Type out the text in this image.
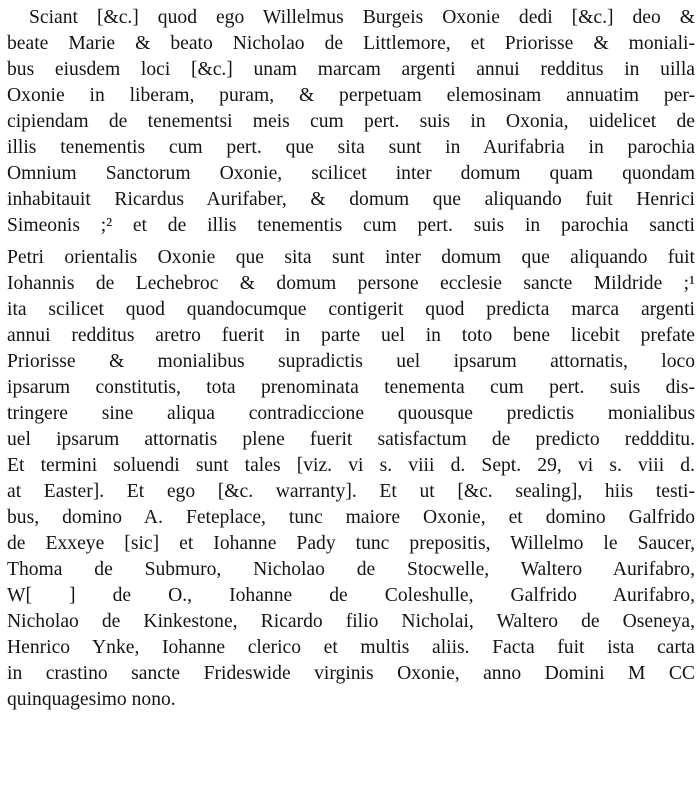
Sciant [&c.] quod ego Willelmus Burgeis Oxonie dedi [&c.] deo &
beate Marie & beato Nicholao de Littlemore, et Priorisse & moniali-
bus eiusdem loci [&c.] unam marcam argenti annui redditus in uilla
Oxonie in liberam, puram, & perpetuam elemosinam annuatim per-
cipiendam de tenementsi meis cum pert. suis in Oxonia, uidelicet de
illis tenementis cum pert. que sita sunt in Aurifabria in parochia
Omnium Sanctorum Oxonie, scilicet inter domum quam quondam
inhabitauit Ricardus Aurifaber, & domum que aliquando fuit Henrici
Simeonis ;² et de illis tenementis cum pert. suis in parochia sancti
Petri orientalis Oxonie que sita sunt inter domum que aliquando fuit
Iohannis de Lechebroc & domum persone ecclesie sancte Mildride ;¹
ita scilicet quod quandocumque contigerit quod predicta marca argenti
annui redditus aretro fuerit in parte uel in toto bene licebit prefate
Priorisse & monialibus supradictis uel ipsarum attornatis, loco
ipsarum constitutis, tota prenominata tenementa cum pert. suis dis-
tringere sine aliqua contradiccione quousque predictis monialibus
uel ipsarum attornatis plene fuerit satisfactum de predicto reddditu.
Et termini soluendi sunt tales [viz. vi s. viii d. Sept. 29, vi s. viii d.
at Easter]. Et ego [&c. warranty]. Et ut [&c. sealing], hiis testi-
bus, domino A. Feteplace, tunc maiore Oxonie, et domino Galfrido
de Exxeye [sic] et Iohanne Pady tunc prepositis, Willelmo le Saucer,
Thoma de Submuro, Nicholao de Stocwelle, Waltero Aurifabro,
W[ ] de O., Iohanne de Coleshulle, Galfrido Aurifabro,
Nicholao de Kinkestone, Ricardo filio Nicholai, Waltero de Oseneya,
Henrico Ynke, Iohanne clerico et multis aliis. Facta fuit ista carta
in crastino sancte Frideswide virginis Oxonie, anno Domini M CC
quinquagesimo nono.
